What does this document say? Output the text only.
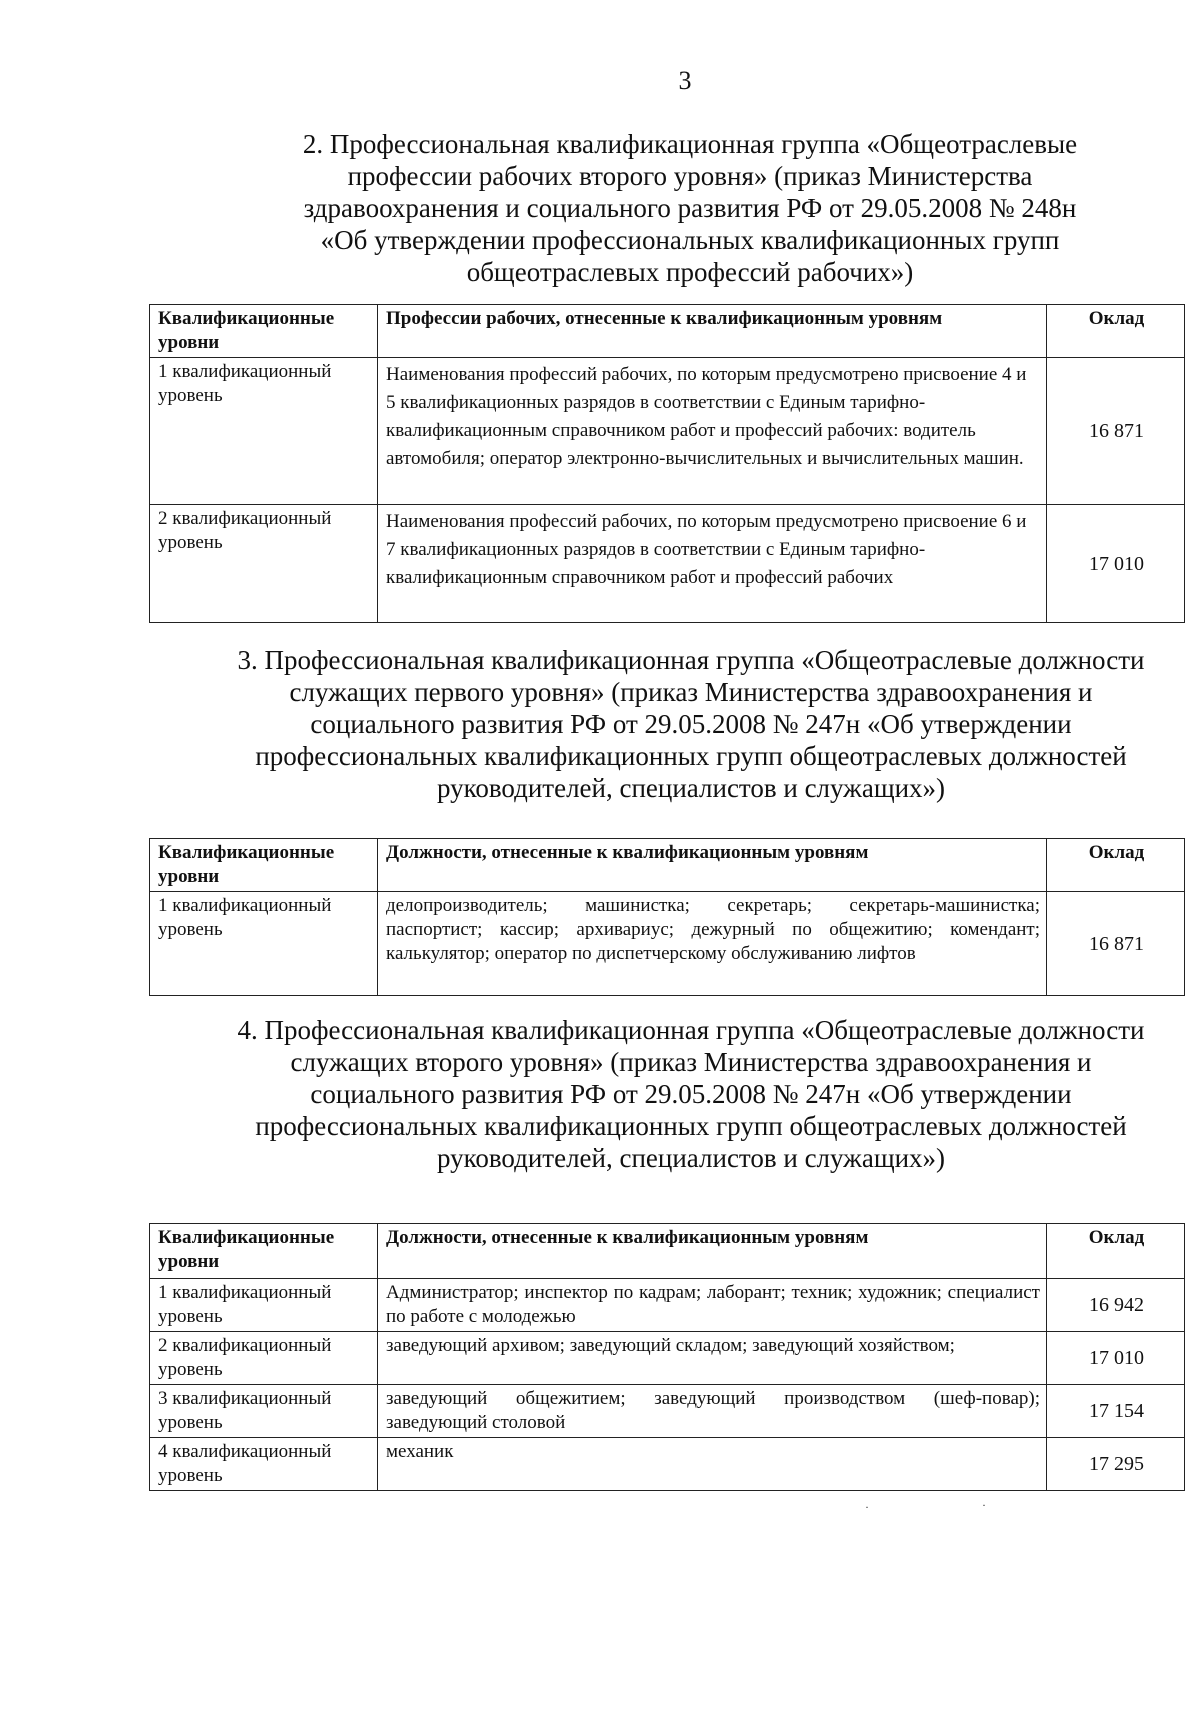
3
2. Профессиональная квалификационная группа «Общеотраслевые
профессии рабочих второго уровня» (приказ Министерства
здравоохранения и социального развития РФ от 29.05.2008 № 248н
«Об утверждении профессиональных квалификационных групп
общеотраслевых профессий рабочих»)
Квалификационные уровни	Профессии рабочих, отнесенные к квалификационным уровням	Оклад
1 квалификационный уровень	Наименования профессий рабочих, по которым предусмотрено присвоение 4 и 5 квалификационных разрядов в соответствии с Единым тарифно-квалификационным справочником работ и профессий рабочих: водитель автомобиля; оператор электронно-вычислительных и вычислительных машин.	16 871
2 квалификационный уровень	Наименования профессий рабочих, по которым предусмотрено присвоение 6 и 7 квалификационных разрядов в соответствии с Единым тарифно-квалификационным справочником работ и профессий рабочих	17 010
3. Профессиональная квалификационная группа «Общеотраслевые должности
служащих первого уровня» (приказ Министерства здравоохранения и
социального развития РФ от 29.05.2008 № 247н «Об утверждении
профессиональных квалификационных групп общеотраслевых должностей
руководителей, специалистов и служащих»)
Квалификационные уровни	Должности, отнесенные к квалификационным уровням	Оклад
1 квалификационный уровень	делопроизводитель; машинистка; секретарь; секретарь-машинистка; паспортист; кассир; архивариус; дежурный по общежитию; комендант; калькулятор; оператор по диспетчерскому обслуживанию лифтов	16 871
4. Профессиональная квалификационная группа «Общеотраслевые должности
служащих второго уровня» (приказ Министерства здравоохранения и
социального развития РФ от 29.05.2008 № 247н «Об утверждении
профессиональных квалификационных групп общеотраслевых должностей
руководителей, специалистов и служащих»)
Квалификационные уровни	Должности, отнесенные к квалификационным уровням	Оклад
1 квалификационный уровень	Администратор; инспектор по кадрам; лаборант; техник; художник; специалист по работе с молодежью	16 942
2 квалификационный уровень	заведующий архивом; заведующий складом; заведующий хозяйством;	17 010
3 квалификационный уровень	заведующий общежитием; заведующий производством (шеф-повар); заведующий столовой	17 154
4 квалификационный уровень	механик	17 295
·	·
